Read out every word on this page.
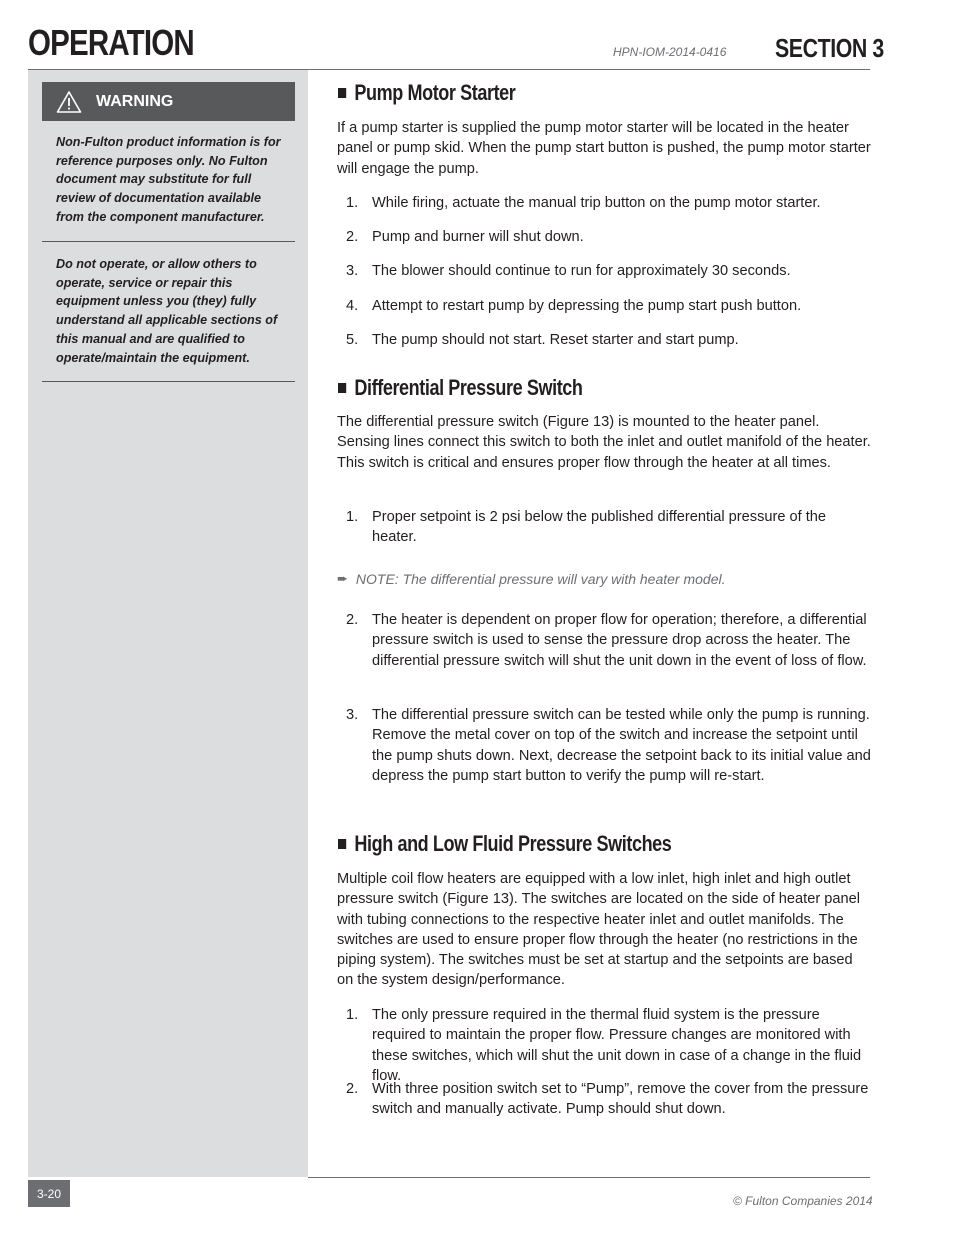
OPERATION	HPN-IOM-2014-0416 SECTION 3
WARNING
Non-Fulton product information is for reference purposes only. No Fulton document may substitute for full review of documentation available from the component manufacturer.
Do not operate, or allow others to operate, service or repair this equipment unless you (they) fully understand all applicable sections of this manual and are qualified to operate/maintain the equipment.
Pump Motor Starter
If a pump starter is supplied the pump motor starter will be located in the heater panel or pump skid. When the pump start button is pushed, the pump motor starter will engage the pump.
1. While firing, actuate the manual trip button on the pump motor starter.
2. Pump and burner will shut down.
3. The blower should continue to run for approximately 30 seconds.
4. Attempt to restart pump by depressing the pump start push button.
5. The pump should not start. Reset starter and start pump.
Differential Pressure Switch
The differential pressure switch (Figure 13) is mounted to the heater panel. Sensing lines connect this switch to both the inlet and outlet manifold of the heater. This switch is critical and ensures proper flow through the heater at all times.
1. Proper setpoint is 2 psi below the published differential pressure of the heater.
➨ NOTE: The differential pressure will vary with heater model.
2. The heater is dependent on proper flow for operation; therefore, a differential pressure switch is used to sense the pressure drop across the heater. The differential pressure switch will shut the unit down in the event of loss of flow.
3. The differential pressure switch can be tested while only the pump is running. Remove the metal cover on top of the switch and increase the setpoint until the pump shuts down. Next, decrease the setpoint back to its initial value and depress the pump start button to verify the pump will re-start.
High and Low Fluid Pressure Switches
Multiple coil flow heaters are equipped with a low inlet, high inlet and high outlet pressure switch (Figure 13). The switches are located on the side of heater panel with tubing connections to the respective heater inlet and outlet manifolds. The switches are used to ensure proper flow through the heater (no restrictions in the piping system). The switches must be set at startup and the setpoints are based on the system design/performance.
1. The only pressure required in the thermal fluid system is the pressure required to maintain the proper flow. Pressure changes are monitored with these switches, which will shut the unit down in case of a change in the fluid flow.
2. With three position switch set to “Pump”, remove the cover from the pressure switch and manually activate. Pump should shut down.
3-20
© Fulton Companies 2014
